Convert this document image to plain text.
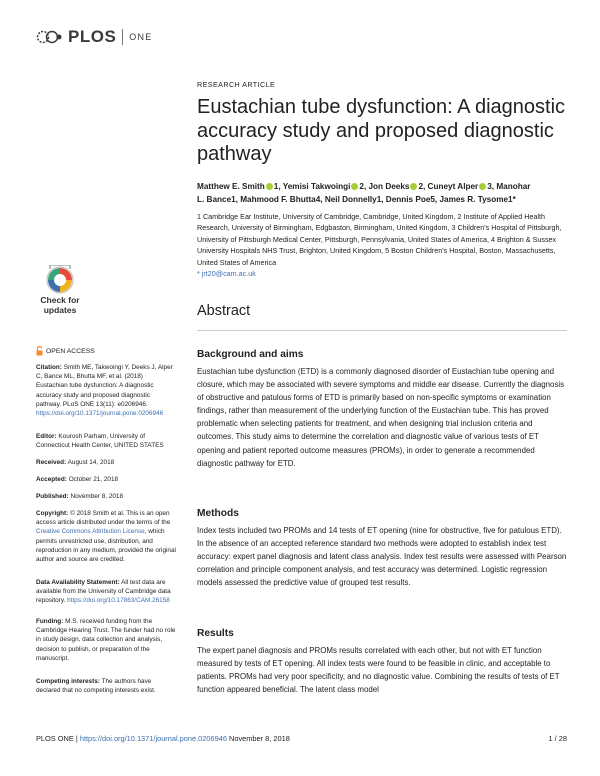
PLOS ONE
Check for
updates
OPEN ACCESS
Citation: Smith ME, Takwoingi Y, Deeks J, Alper C, Bance ML, Bhutta MF, et al. (2018) Eustachian tube dysfunction: A diagnostic accuracy study and proposed diagnostic pathway. PLoS ONE 13(11): e0206946. https://doi.org/10.1371/journal.pone.0206946
Editor: Kourosh Parham, University of Connecticut Health Center, UNITED STATES
Received: August 14, 2018
Accepted: October 21, 2018
Published: November 8, 2018
Copyright: © 2018 Smith et al. This is an open access article distributed under the terms of the Creative Commons Attribution License, which permits unrestricted use, distribution, and reproduction in any medium, provided the original author and source are credited.
Data Availability Statement: All test data are available from the University of Cambridge data repository. https://doi.org/10.17863/CAM.26158
Funding: M.S. received funding from the Cambridge Hearing Trust. The funder had no role in study design, data collection and analysis, decision to publish, or preparation of the manuscript.
Competing interests: The authors have declared that no competing interests exist.
RESEARCH ARTICLE
Eustachian tube dysfunction: A diagnostic accuracy study and proposed diagnostic pathway
Matthew E. Smith 1, Yemisi Takwoingi 2, Jon Deeks 2, Cuneyt Alper 3, Manohar
L. Bance1, Mahmood F. Bhutta4, Neil Donnelly1, Dennis Poe5, James R. Tysome1*
1 Cambridge Ear Institute, University of Cambridge, Cambridge, United Kingdom, 2 Institute of Applied Health Research, University of Birmingham, Edgbaston, Birmingham, United Kingdom, 3 Children's Hospital of Pittsburgh, University of Pittsburgh Medical Center, Pittsburgh, Pennsylvania, United States of America, 4 Brighton & Sussex University Hospitals NHS Trust, Brighton, United Kingdom, 5 Boston Children's Hospital, Boston, Massachusetts, United States of America
* jrt20@cam.ac.uk
Abstract
Background and aims
Eustachian tube dysfunction (ETD) is a commonly diagnosed disorder of Eustachian tube opening and closure, which may be associated with severe symptoms and middle ear disease. Currently the diagnosis of obstructive and patulous forms of ETD is primarily based on non-specific symptoms or examination findings, rather than measurement of the underlying function of the Eustachian tube. This has proved problematic when selecting patients for treatment, and when designing trial inclusion criteria and outcomes. This study aims to determine the correlation and diagnostic value of various tests of ET opening and patient reported outcome measures (PROMs), in order to generate a recommended diagnostic pathway for ETD.
Methods
Index tests included two PROMs and 14 tests of ET opening (nine for obstructive, five for patulous ETD). In the absence of an accepted reference standard two methods were adopted to establish index test accuracy: expert panel diagnosis and latent class analysis. Index test results were assessed with Pearson correlation and principle component analysis, and test accuracy was determined. Logistic regression models assessed the predictive value of grouped test results.
Results
The expert panel diagnosis and PROMs results correlated with each other, but not with ET function measured by tests of ET opening. All index tests were found to be feasible in clinic, and acceptable to patients. PROMs had very poor specificity, and no diagnostic value. Combining the results of tests of ET function appeared beneficial. The latent class model
PLOS ONE | https://doi.org/10.1371/journal.pone.0206946 November 8, 2018	1 / 28
